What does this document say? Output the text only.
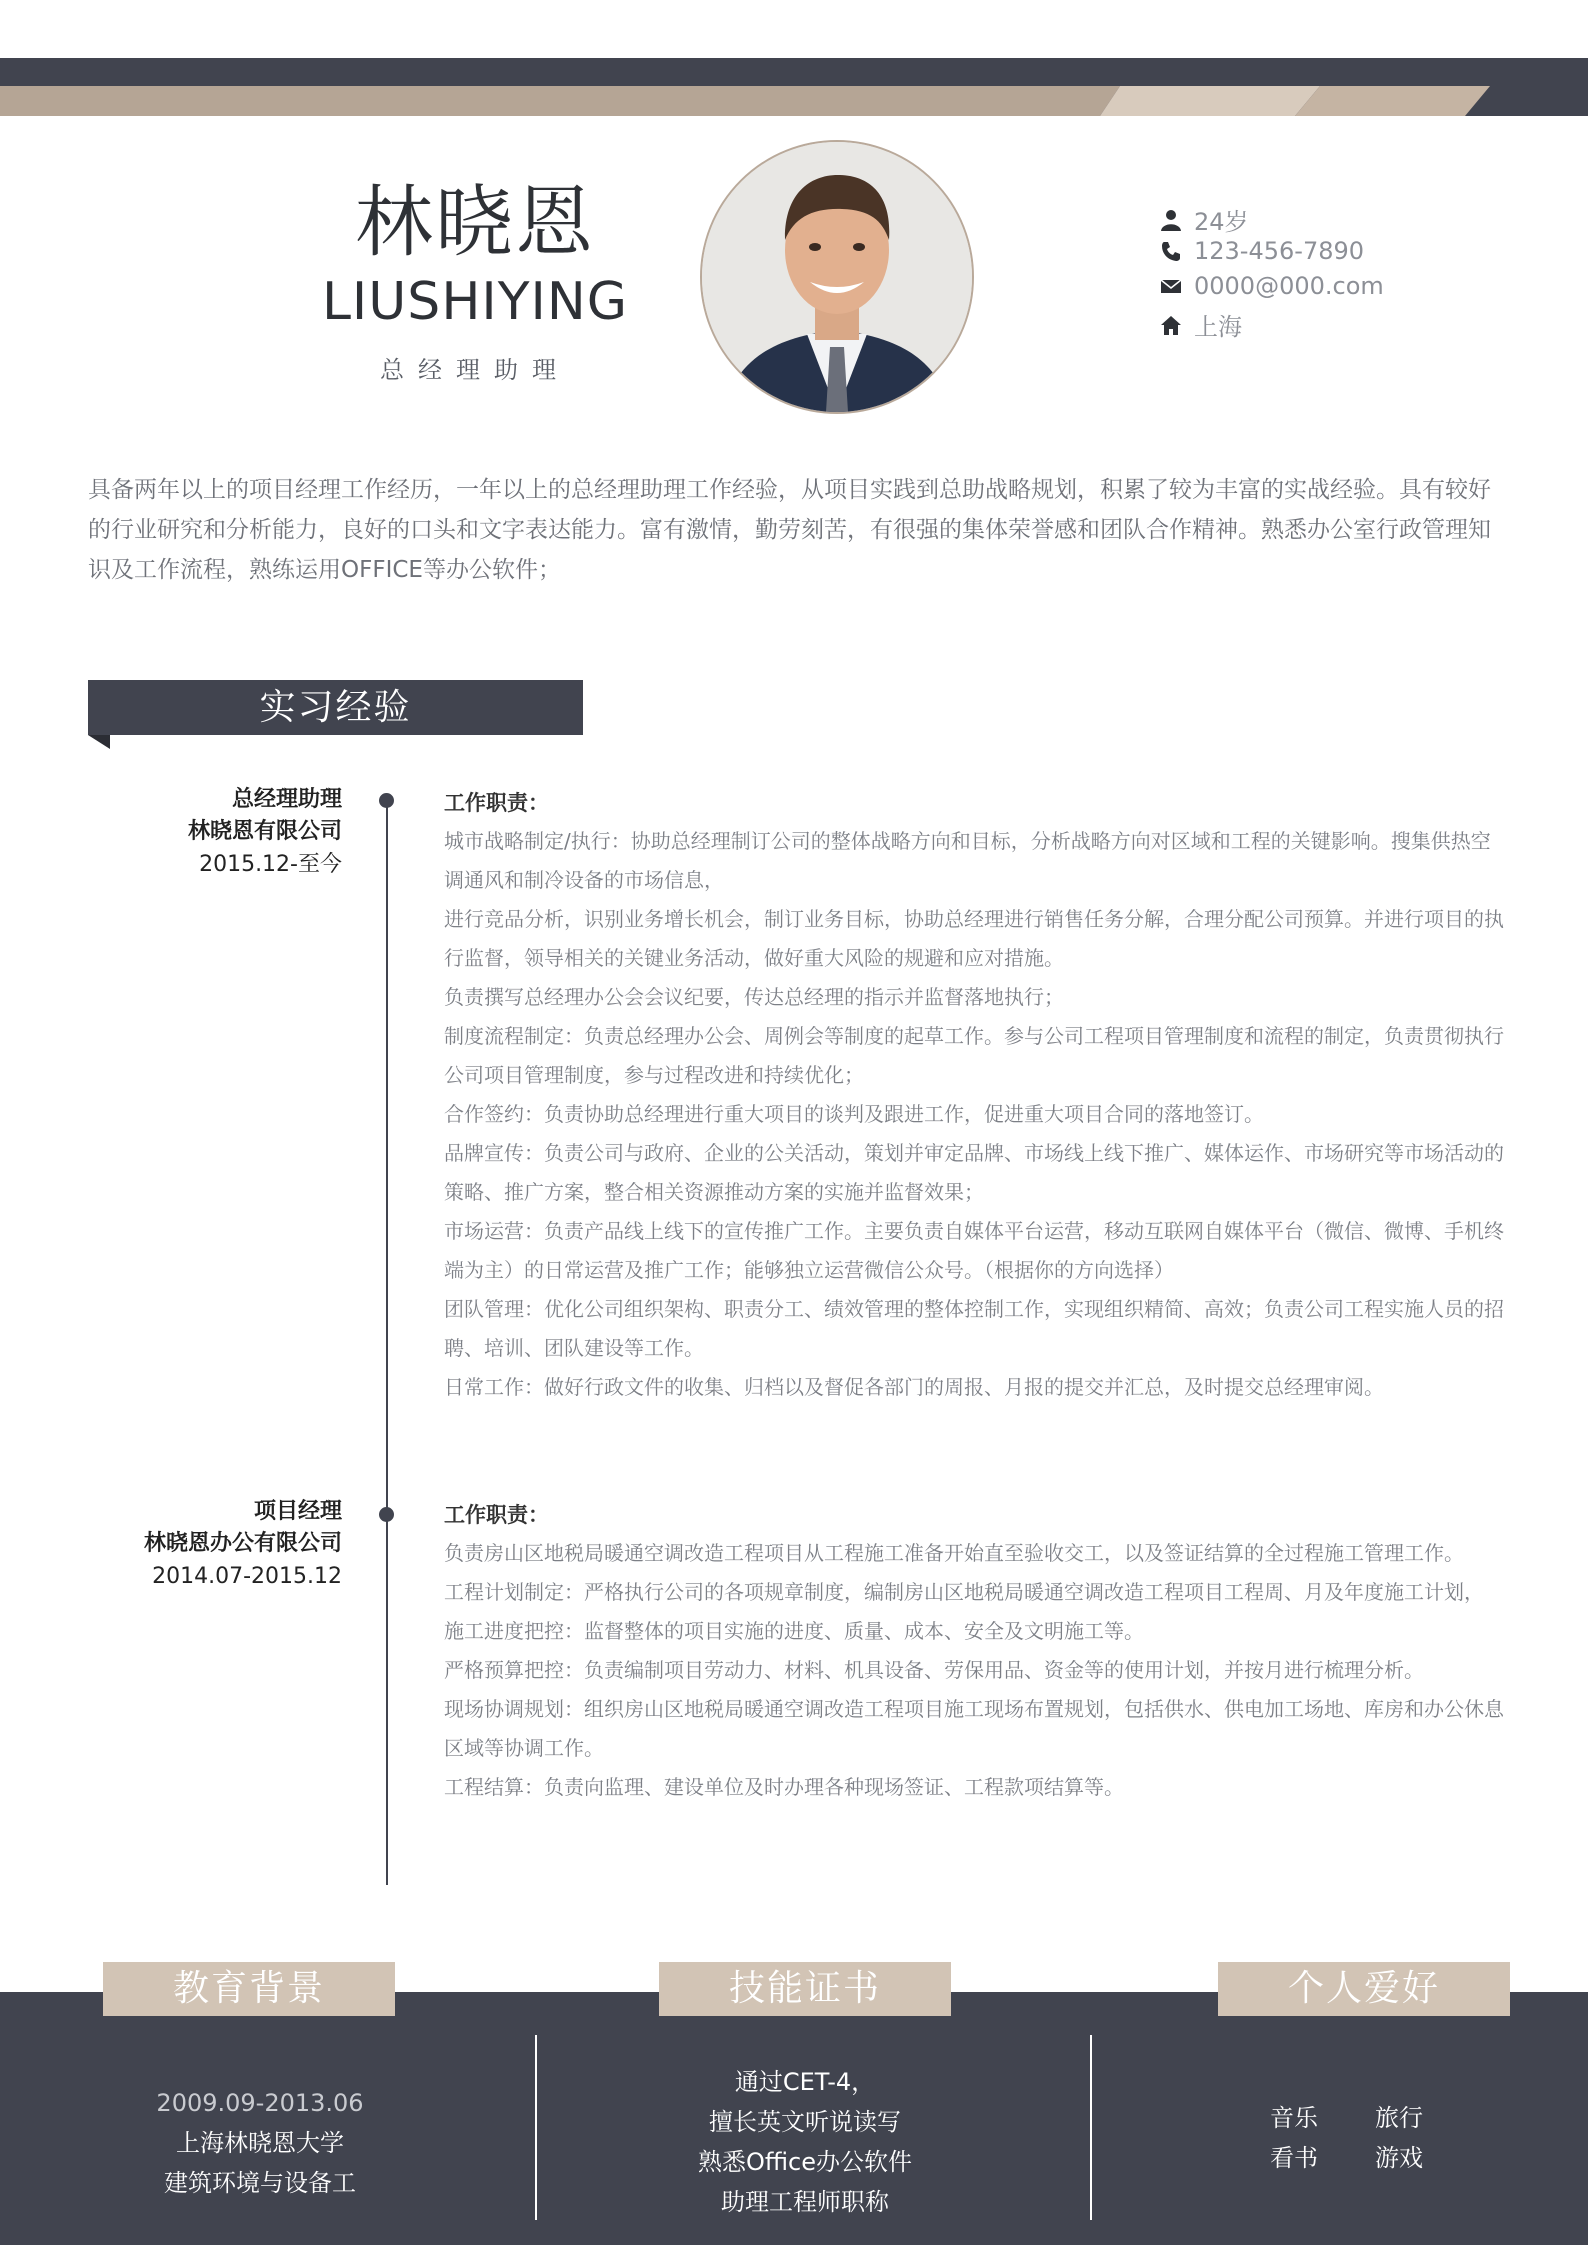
林晓恩
LIUSHIYING
总经理助理
24岁
123-456-7890
0000@000.com
上海
具备两年以上的项目经理工作经历，一年以上的总经理助理工作经验，从项目实践到总助战略规划，积累了较为丰富的实战经验。具有较好的行业研究和分析能力，良好的口头和文字表达能力。富有激情，勤劳刻苦，有很强的集体荣誉感和团队合作精神。熟悉办公室行政管理知识及工作流程，熟练运用OFFICE等办公软件；
实习经验
总经理助理
林晓恩有限公司
2015.12-至今
工作职责：

城市战略制定/执行：协助总经理制订公司的整体战略方向和目标，分析战略方向对区域和工程的关键影响。搜集供热空调通风和制冷设备的市场信息，

进行竞品分析，识别业务增长机会，制订业务目标，协助总经理进行销售任务分解，合理分配公司预算。并进行项目的执行监督，领导相关的关键业务活动，做好重大风险的规避和应对措施。

负责撰写总经理办公会会议纪要，传达总经理的指示并监督落地执行；

制度流程制定：负责总经理办公会、周例会等制度的起草工作。参与公司工程项目管理制度和流程的制定，负责贯彻执行公司项目管理制度，参与过程改进和持续优化；

合作签约：负责协助总经理进行重大项目的谈判及跟进工作，促进重大项目合同的落地签订。

品牌宣传：负责公司与政府、企业的公关活动，策划并审定品牌、市场线上线下推广、媒体运作、市场研究等市场活动的策略、推广方案，整合相关资源推动方案的实施并监督效果；

市场运营：负责产品线上线下的宣传推广工作。主要负责自媒体平台运营，移动互联网自媒体平台（微信、微博、手机终端为主）的日常运营及推广工作；能够独立运营微信公众号。（根据你的方向选择）

团队管理：优化公司组织架构、职责分工、绩效管理的整体控制工作，实现组织精简、高效；负责公司工程实施人员的招聘、培训、团队建设等工作。

日常工作：做好行政文件的收集、归档以及督促各部门的周报、月报的提交并汇总，及时提交总经理审阅。

项目经理
林晓恩办公有限公司
2014.07-2015.12
工作职责：

负责房山区地税局暖通空调改造工程项目从工程施工准备开始直至验收交工，以及签证结算的全过程施工管理工作。

工程计划制定：严格执行公司的各项规章制度，编制房山区地税局暖通空调改造工程项目工程周、月及年度施工计划，

施工进度把控：监督整体的项目实施的进度、质量、成本、安全及文明施工等。

严格预算把控：负责编制项目劳动力、材料、机具设备、劳保用品、资金等的使用计划，并按月进行梳理分析。

现场协调规划：组织房山区地税局暖通空调改造工程项目施工现场布置规划，包括供水、供电加工场地、库房和办公休息区域等协调工作。

工程结算：负责向监理、建设单位及时办理各种现场签证、工程款项结算等。

教育背景	技能证书	个人爱好
2009.09-2013.06
上海林晓恩大学
建筑环境与设备工
通过CET-4，
擅长英文听说读写
熟悉Office办公软件
助理工程师职称
音乐	旅行
看书	游戏
